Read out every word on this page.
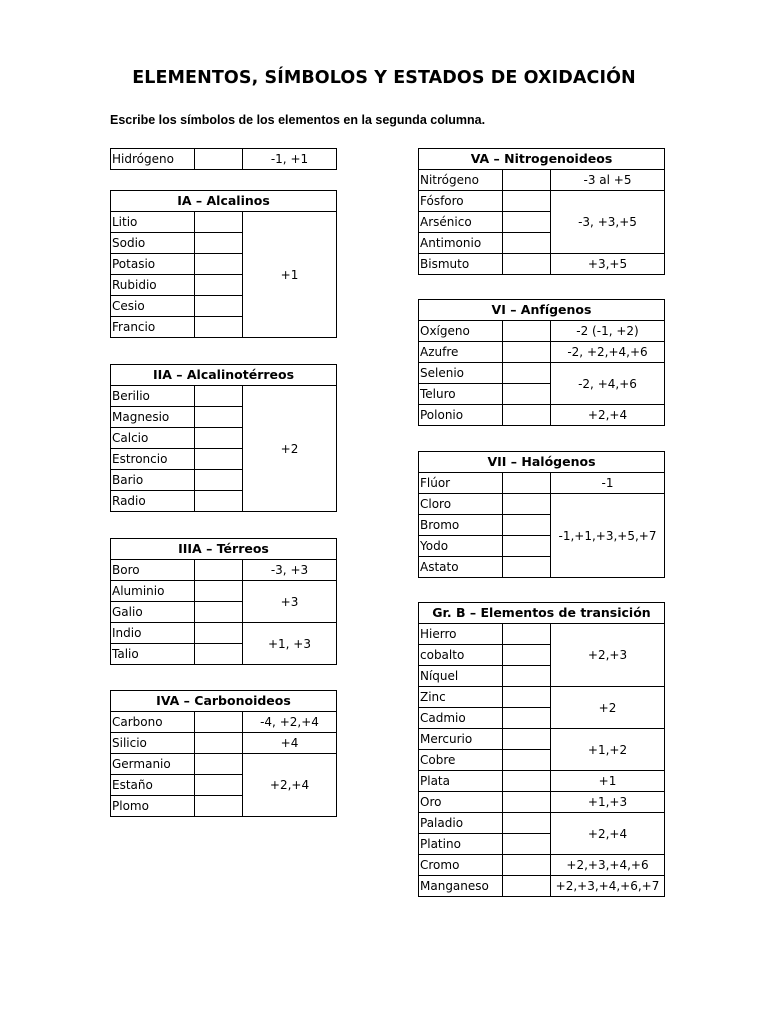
ELEMENTOS, SÍMBOLOS Y ESTADOS DE OXIDACIÓN
Escribe los símbolos de los elementos en la segunda columna.
Hidrógeno		-1, +1
IA – Alcalinos		
Litio		+1
Sodio		
Potasio		
Rubidio		
Cesio		
Francio		
IIA – Alcalinotérreos		
Berilio		+2
Magnesio		
Calcio		
Estroncio		
Bario		
Radio		
IIIA – Térreos		
Boro		-3, +3
Aluminio		+3
Galio		
Indio		+1, +3
Talio		
IVA – Carbonoideos		
Carbono		-4, +2,+4
Silicio		+4
Germanio		+2,+4
Estaño		
Plomo		
VA – Nitrogenoideos		
Nitrógeno		-3 al +5
Fósforo		-3, +3,+5
Arsénico		
Antimonio		
Bismuto		+3,+5
VI – Anfígenos		
Oxígeno		-2 (-1, +2)
Azufre		-2, +2,+4,+6
Selenio		-2, +4,+6
Teluro		
Polonio		+2,+4
VII – Halógenos		
Flúor		-1
Cloro		-1,+1,+3,+5,+7
Bromo		
Yodo		
Astato		
Gr. B – Elementos de transición		
Hierro		+2,+3
cobalto		
Níquel		
Zinc		+2
Cadmio		
Mercurio		+1,+2
Cobre		
Plata		+1
Oro		+1,+3
Paladio		+2,+4
Platino		
Cromo		+2,+3,+4,+6
Manganeso		+2,+3,+4,+6,+7
